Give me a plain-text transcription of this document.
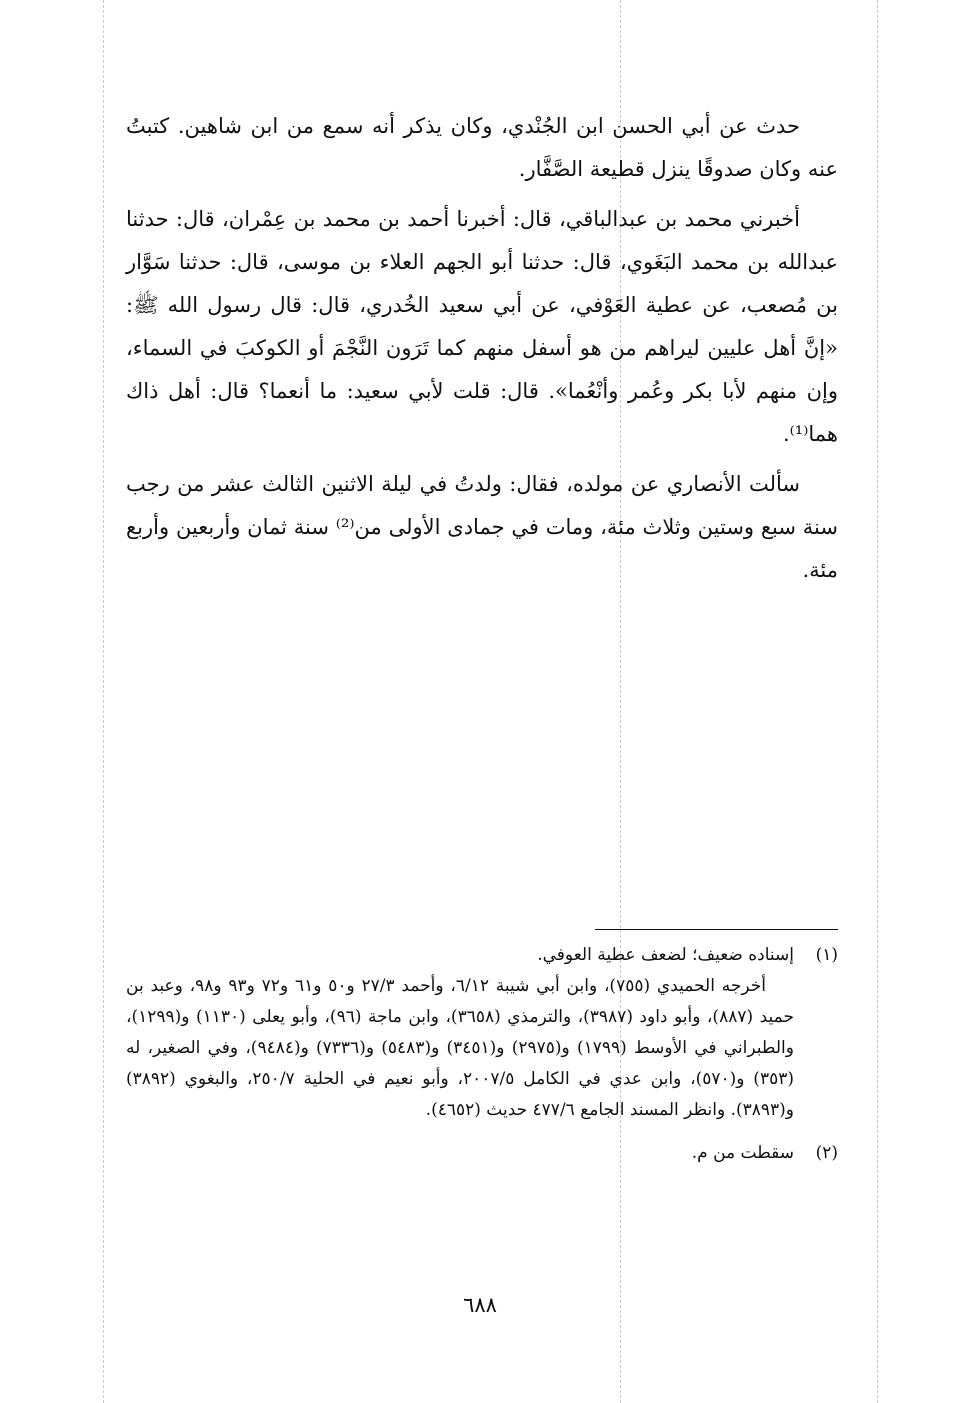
حدث عن أبي الحسن ابن الجُنْدي، وكان يذكر أنه سمع من ابن شاهين. كتبتُ عنه وكان صدوقًا ينزل قطيعة الصَّفَّار.

أخبرني محمد بن عبدالباقي، قال: أخبرنا أحمد بن محمد بن عِمْران، قال: حدثنا عبدالله بن محمد البَغَوي، قال: حدثنا أبو الجهم العلاء بن موسى، قال: حدثنا سَوَّار بن مُصعب، عن عطية العَوْفي، عن أبي سعيد الخُدري، قال: قال رسول الله ﷺ: «إنَّ أهل عليين ليراهم من هو أسفل منهم كما تَرَون النَّجْمَ أو الكوكبَ في السماء، وإن منهم لأبا بكر وعُمر وأنْعُما». قال: قلت لأبي سعيد: ما أنعما؟ قال: أهل ذاك هما⁽¹⁾.

سألت الأنصاري عن مولده، فقال: ولدتُ في ليلة الاثنين الثالث عشر من رجب سنة سبع وستين وثلاث مئة، ومات في جمادى الأولى من⁽²⁾ سنة ثمان وأربعين وأربع مئة.

(١)

إسناده ضعيف؛ لضعف عطية العوفي.

أخرجه الحميدي (٧٥٥)، وابن أبي شيبة ٦/١٢، وأحمد ٢٧/٣ و٥٠ و٦١ و٧٢ و٩٣ و٩٨، وعبد بن حميد (٨٨٧)، وأبو داود (٣٩٨٧)، والترمذي (٣٦٥٨)، وابن ماجة (٩٦)، وأبو يعلى (١١٣٠) و(١٢٩٩)، والطبراني في الأوسط (١٧٩٩) و(٢٩٧٥) و(٣٤٥١) و(٥٤٨٣) و(٧٣٣٦) و(٩٤٨٤)، وفي الصغير، له (٣٥٣) و(٥٧٠)، وابن عدي في الكامل ٢٠٠٧/٥، وأبو نعيم في الحلية ٢٥٠/٧، والبغوي (٣٨٩٢) و(٣٨٩٣). وانظر المسند الجامع ٤٧٧/٦ حديث (٤٦٥٢).

(٢)

سقطت من م.

٦٨٨
